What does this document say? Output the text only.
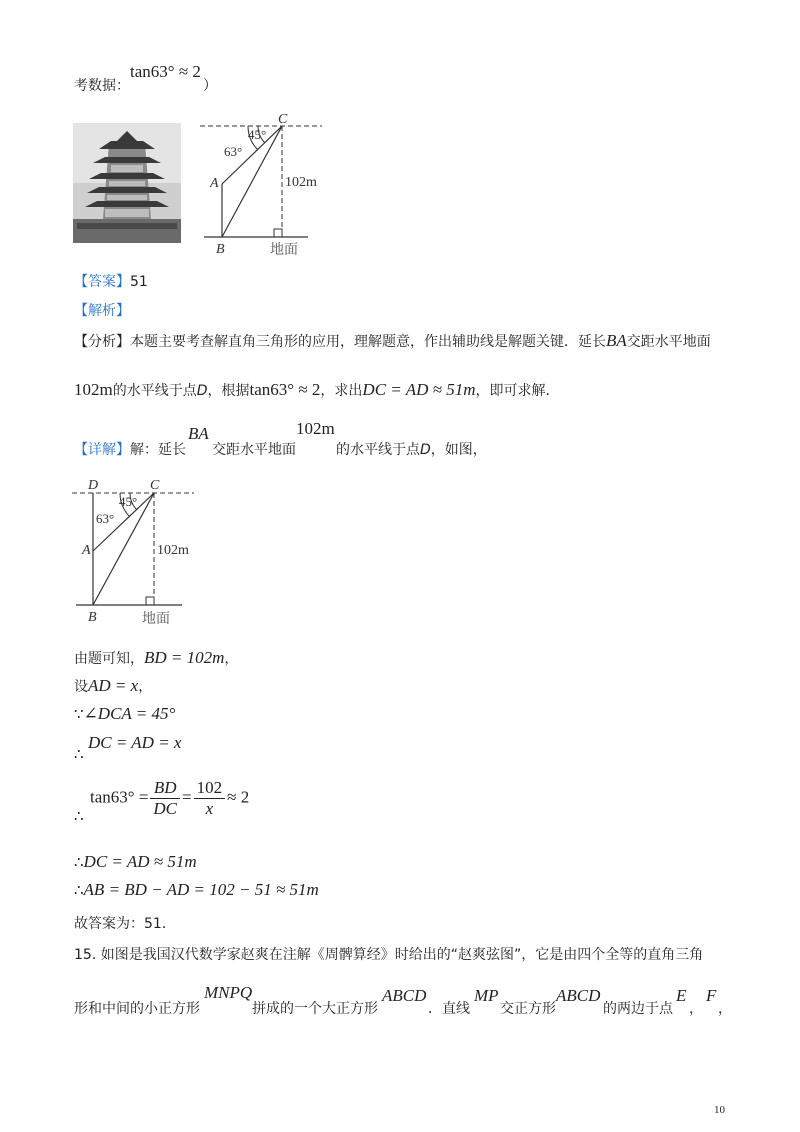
考数据：
tan63° ≈ 2
）
45°
63°
C
A
B
102m
地面
【答案】51
【解析】
【分析】本题主要考查解直角三角形的应用，理解题意，作出辅助线是解题关键．延长BA交距水平地面
102m的水平线于点D，根据tan63° ≈ 2，求出DC = AD ≈ 51m，即可求解．
【详解】解：延长
BA
交距水平地面
102m
的水平线于点D，如图，
D	C
45°
63°
A
B
102m
地面
由题可知，BD = 102m，
设AD = x，
∵∠DCA = 45°
DC = AD = x
∴
∴
$\tan 63^\circ = \frac{BD}{DC} = \frac{102}{x} \approx 2$
∴DC = AD ≈ 51m
∴AB = BD − AD = 102 − 51 ≈ 51m
故答案为：51．
15. 如图是我国汉代数学家赵爽在注解《周髀算经》时给出的“赵爽弦图”，它是由四个全等的直角三角
形和中间的小正方形
MNPQ
拼成的一个大正方形
ABCD
．直线
MP
交正方形
ABCD
的两边于点
E
，
F
，
10
